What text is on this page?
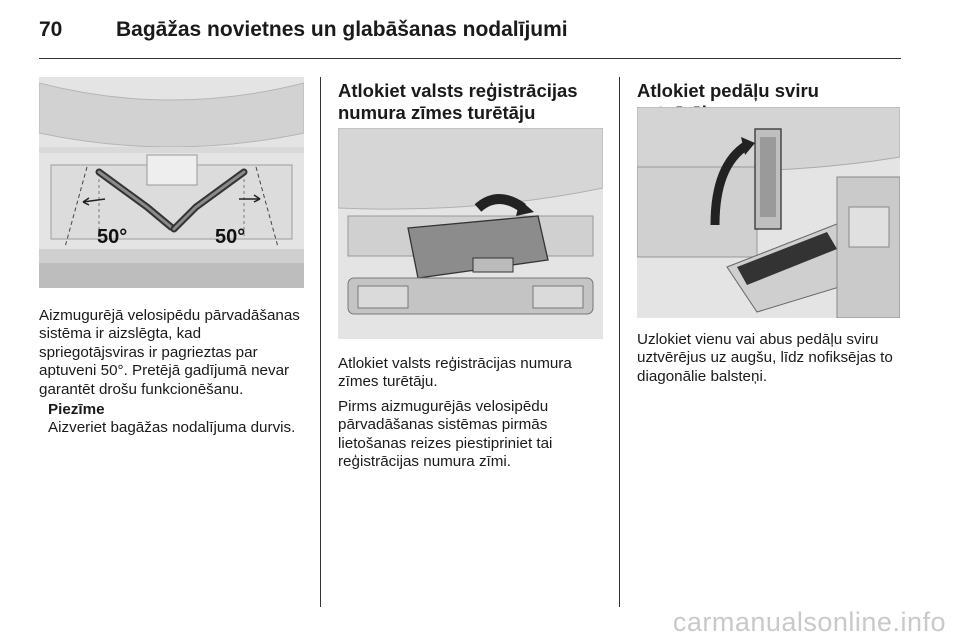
70	Bagāžas novietnes un glabāšanas nodalījumi
50°	50°

Aizmugurējā velosipēdu pārvadāšanas sistēma ir aizslēgta, kad spriegotājsviras ir pagrieztas par aptuveni 50°. Pretējā gadījumā nevar garantēt drošu funkcionēšanu.

Piezīme
Aizveriet bagāžas nodalījuma durvis.
Atlokiet valsts reģistrācijas numura zīmes turētāju

Atlokiet valsts reģistrācijas numura zīmes turētāju.

Pirms aizmugurējās velosipēdu pārvadāšanas sistēmas pirmās lietošanas reizes piestipriniet tai reģistrācijas numura zīmi.

Atlokiet pedāļu sviru

Uzlokiet vienu vai abus pedāļu sviru uztvērējus uz augšu, līdz nofiksējas to diagonālie balsteņi.

carmanualsonline.info
